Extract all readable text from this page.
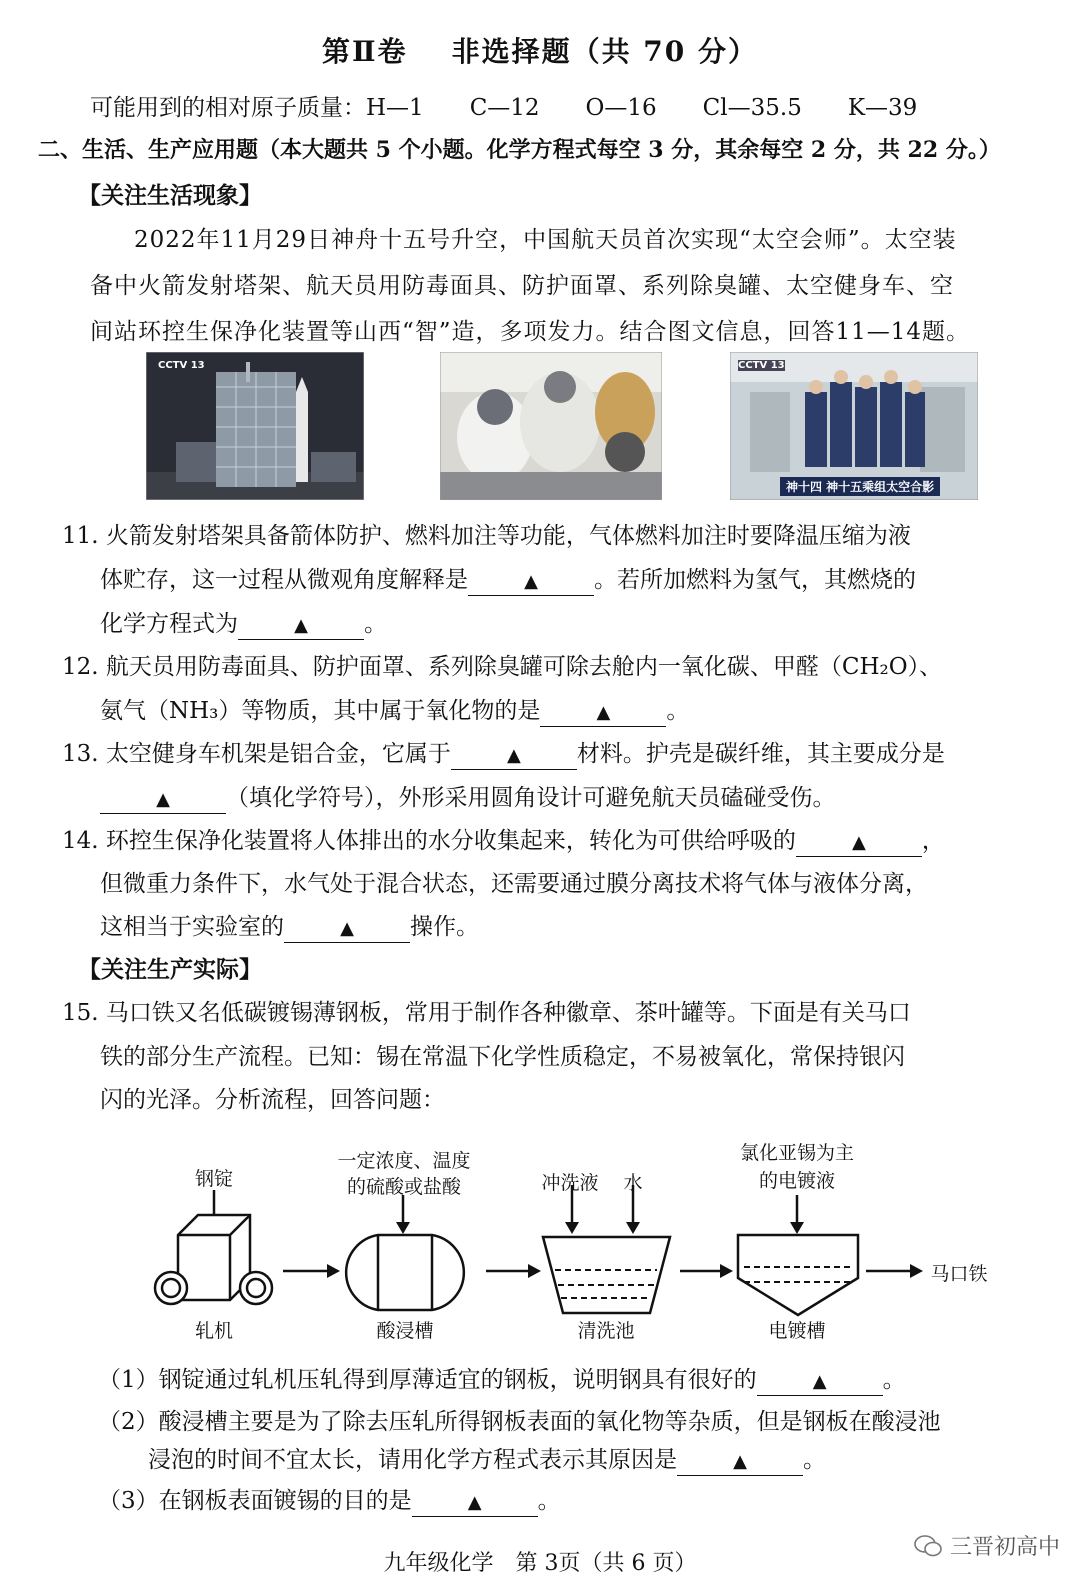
第Ⅱ卷 非选择题（共 70 分）
可能用到的相对原子质量：H—1　　C—12　　O—16　　Cl—35.5　　K—39
二、生活、生产应用题（本大题共 5 个小题。化学方程式每空 3 分，其余每空 2 分，共 22 分。）
【关注生活现象】
2022年11月29日神舟十五号升空，中国航天员首次实现“太空会师”。太空装
备中火箭发射塔架、航天员用防毒面具、防护面罩、系列除臭罐、太空健身车、空
间站环控生保净化装置等山西“智”造，多项发力。结合图文信息，回答11—14题。
CCTV 13	CCTV 13
神十四 神十五乘组太空合影
11. 火箭发射塔架具备箭体防护、燃料加注等功能，气体燃料加注时要降温压缩为液
体贮存，这一过程从微观角度解释是	▲ 。若所加燃料为氢气，其燃烧的
化学方程式为	▲ 。
12. 航天员用防毒面具、防护面罩、系列除臭罐可除去舱内一氧化碳、甲醛（CH₂O）、
氨气（NH₃）等物质，其中属于氧化物的是	▲ 。
13. 太空健身车机架是铝合金，它属于	▲ 材料。护壳是碳纤维，其主要成分是
▲ （填化学符号），外形采用圆角设计可避免航天员磕碰受伤。
14. 环控生保净化装置将人体排出的水分收集起来，转化为可供给呼吸的	▲ ，
但微重力条件下，水气处于混合状态，还需要通过膜分离技术将气体与液体分离，
这相当于实验室的	▲ 操作。
【关注生产实际】
15. 马口铁又名低碳镀锡薄钢板，常用于制作各种徽章、茶叶罐等。下面是有关马口
铁的部分生产流程。已知：锡在常温下化学性质稳定，不易被氧化，常保持银闪
闪的光泽。分析流程，回答问题：
钢锭
一定浓度、温度
的硫酸或盐酸	冲洗液	水
氯化亚锡为主
的电镀液
轧机	酸浸槽	清洗池	电镀槽
马口铁
（1）钢锭通过轧机压轧得到厚薄适宜的钢板，说明钢具有很好的	▲ 。
（2）酸浸槽主要是为了除去压轧所得钢板表面的氧化物等杂质，但是钢板在酸浸池
浸泡的时间不宜太长，请用化学方程式表示其原因是	▲ 。
（3）在钢板表面镀锡的目的是	▲ 。
九年级化学　第 3页（共 6 页）
三晋初高中
